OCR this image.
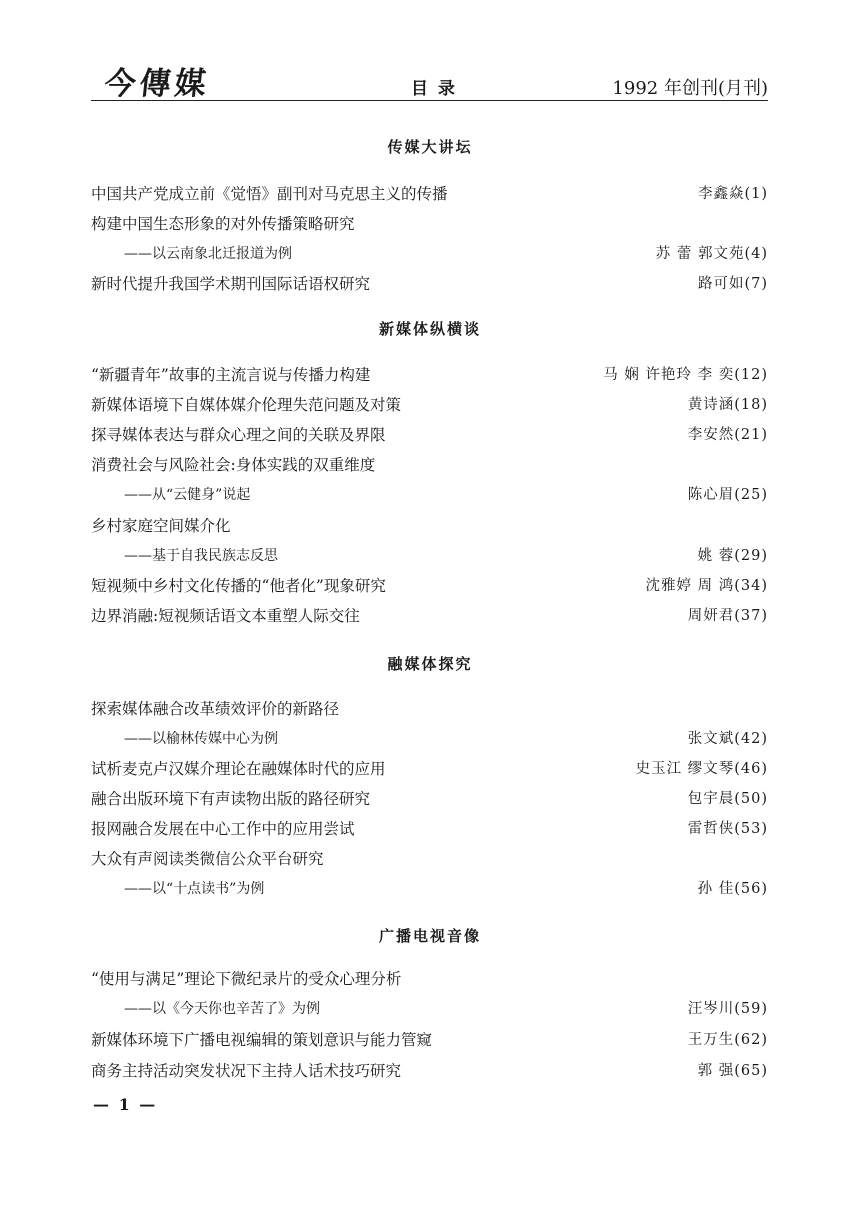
今傳媒	目 录	1992 年创刊(月刊)
传媒大讲坛
中国共产党成立前《觉悟》副刊对马克思主义的传播	李鑫焱(1)
构建中国生态形象的对外传播策略研究
——以云南象北迁报道为例	苏 蕾 郭文苑(4)
新时代提升我国学术期刊国际话语权研究	路可如(7)
新媒体纵横谈
“新疆青年”故事的主流言说与传播力构建	马 娴 许艳玲 李 奕(12)
新媒体语境下自媒体媒介伦理失范问题及对策	黄诗涵(18)
探寻媒体表达与群众心理之间的关联及界限	李安然(21)
消费社会与风险社会:身体实践的双重维度
——从“云健身”说起	陈心眉(25)
乡村家庭空间媒介化
——基于自我民族志反思	姚 蓉(29)
短视频中乡村文化传播的“他者化”现象研究	沈雅婷 周 鸿(34)
边界消融:短视频话语文本重塑人际交往	周妍君(37)
融媒体探究
探索媒体融合改革绩效评价的新路径
——以榆林传媒中心为例	张文斌(42)
试析麦克卢汉媒介理论在融媒体时代的应用	史玉江 缪文琴(46)
融合出版环境下有声读物出版的路径研究	包宇晨(50)
报网融合发展在中心工作中的应用尝试	雷哲侠(53)
大众有声阅读类微信公众平台研究
——以“十点读书”为例	孙 佳(56)
广播电视音像
“使用与满足”理论下微纪录片的受众心理分析
——以《今天你也辛苦了》为例	汪岑川(59)
新媒体环境下广播电视编辑的策划意识与能力管窥	王万生(62)
商务主持活动突发状况下主持人话术技巧研究	郭 强(65)
— 1 —
